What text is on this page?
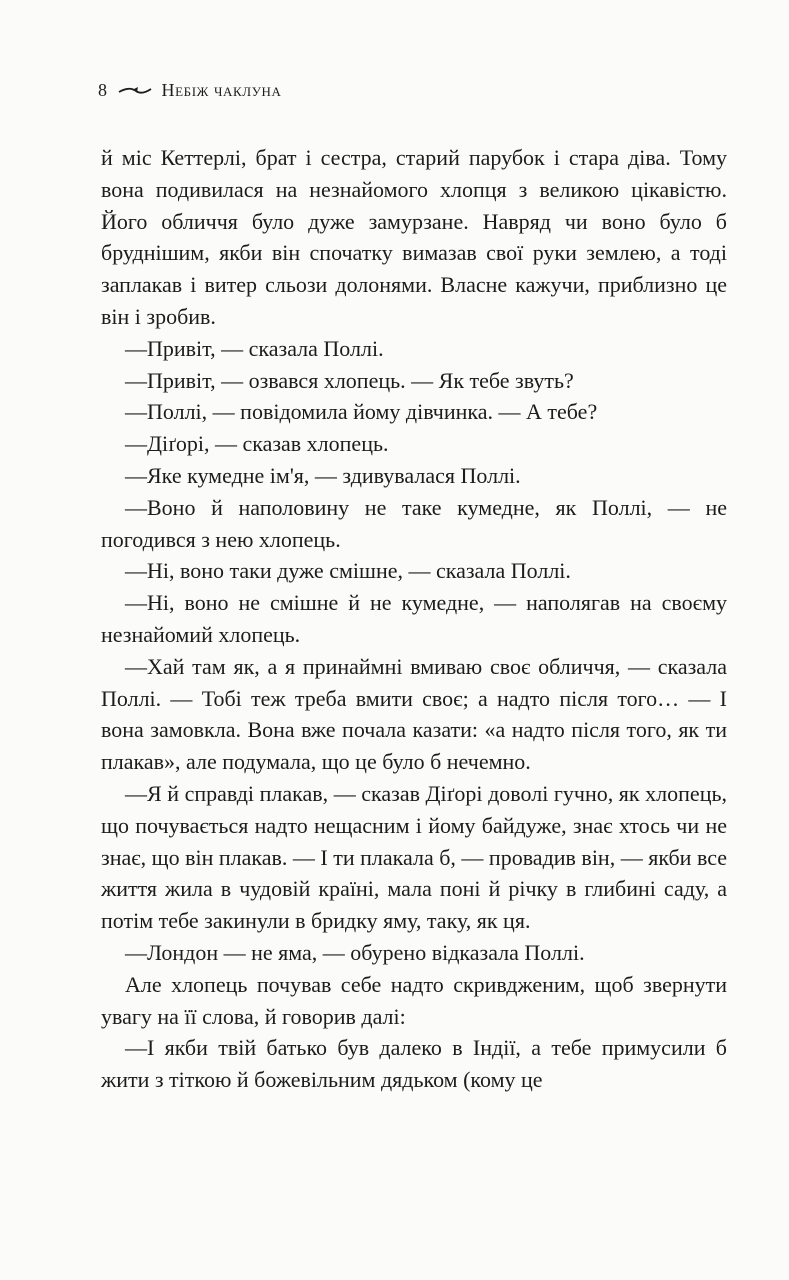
8	Небіж чаклуна

й міс Кеттерлі, брат і сестра, старий парубок і стара діва. Тому вона подивилася на незнайомого хлопця з великою цікавістю. Його обличчя було дуже замурзане. Навряд чи воно було б бруднішим, якби він спочатку вимазав свої руки землею, а тоді заплакав і витер сльози долонями. Власне кажучи, приблизно це він і зробив.

—Привіт, — сказала Поллі.

—Привіт, — озвався хлопець. — Як тебе звуть?

—Поллі, — повідомила йому дівчинка. — А тебе?

—Діґорі, — сказав хлопець.

—Яке кумедне ім'я, — здивувалася Поллі.

—Воно й наполовину не таке кумедне, як Поллі, — не погодився з нею хлопець.

—Ні, воно таки дуже смішне, — сказала Поллі.

—Ні, воно не смішне й не кумедне, — наполягав на своєму незнайомий хлопець.

—Хай там як, а я принаймні вмиваю своє обличчя, — сказала Поллі. — Тобі теж треба вмити своє; а надто після того… — І вона замовкла. Вона вже почала казати: «а надто після того, як ти плакав», але подумала, що це було б нечемно.

—Я й справді плакав, — сказав Діґорі доволі гучно, як хлопець, що почувається надто нещасним і йому байдуже, знає хтось чи не знає, що він плакав. — І ти плакала б, — провадив він, — якби все життя жила в чудовій країні, мала поні й річку в глибині саду, а потім тебе закинули в бридку яму, таку, як ця.

—Лондон — не яма, — обурено відказала Поллі.

Але хлопець почував себе надто скривдженим, щоб звернути увагу на її слова, й говорив далі:

—І якби твій батько був далеко в Індії, а тебе примусили б жити з тіткою й божевільним дядьком (кому це
